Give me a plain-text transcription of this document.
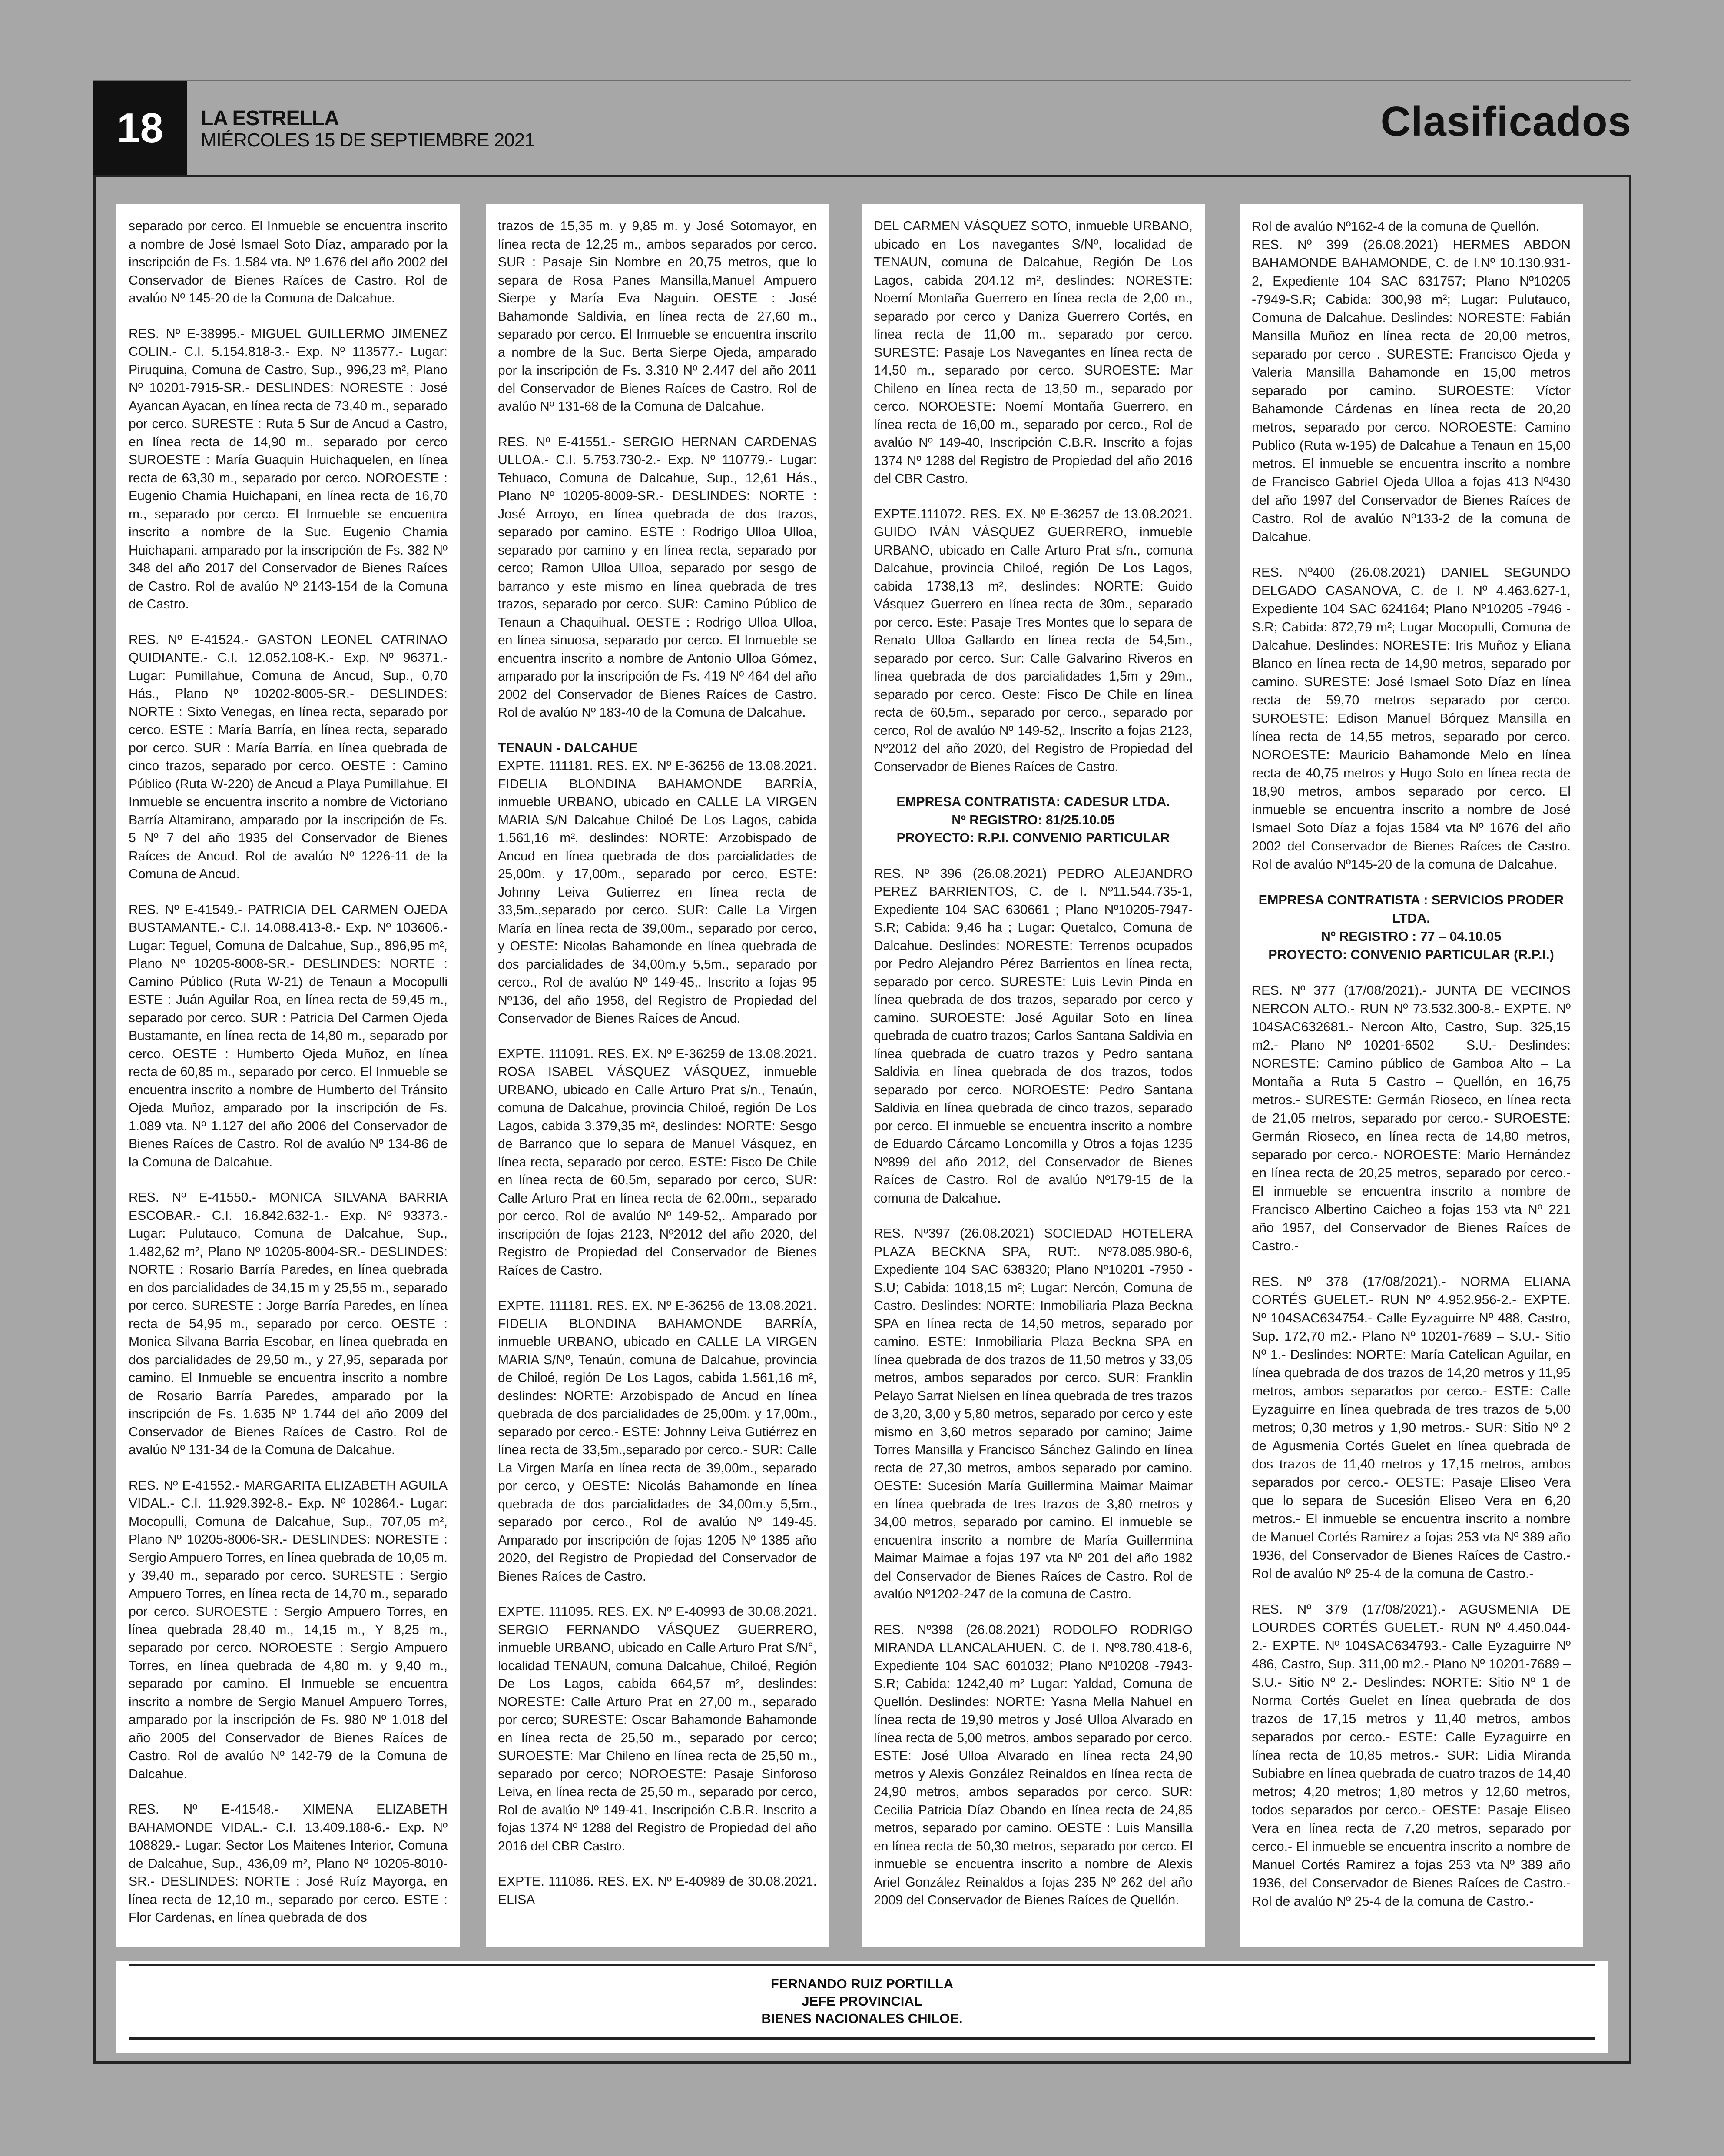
18	LA ESTRELLA
MIÉRCOLES 15 DE SEPTIEMBRE 2021	Clasificados

separado por cerco. El Inmueble se encuentra inscrito a nombre de José Ismael Soto Díaz, amparado por la inscripción de Fs. 1.584 vta. Nº 1.676 del año 2002 del Conservador de Bienes Raíces de Castro. Rol de avalúo Nº 145-20 de la Comuna de Dalcahue.

RES. Nº E-38995.- MIGUEL GUILLERMO JIMENEZ COLIN.- C.I. 5.154.818-3.- Exp. Nº 113577.- Lugar: Piruquina, Comuna de Castro, Sup., 996,23 m², Plano Nº 10201-7915-SR.- DESLINDES: NORESTE : José Ayancan Ayacan, en línea recta de 73,40 m., separado por cerco. SURESTE : Ruta 5 Sur de Ancud a Castro, en línea recta de 14,90 m., separado por cerco SUROESTE : María Guaquin Huichaquelen, en línea recta de 63,30 m., separado por cerco. NOROESTE : Eugenio Chamia Huichapani, en línea recta de 16,70 m., separado por cerco. El Inmueble se encuentra inscrito a nombre de la Suc. Eugenio Chamia Huichapani, amparado por la inscripción de Fs. 382 Nº 348 del año 2017 del Conservador de Bienes Raíces de Castro. Rol de avalúo Nº 2143-154 de la Comuna de Castro.

RES. Nº E-41524.- GASTON LEONEL CATRINAO QUIDIANTE.- C.I. 12.052.108-K.- Exp. Nº 96371.- Lugar: Pumillahue, Comuna de Ancud, Sup., 0,70 Hás., Plano Nº 10202-8005-SR.- DESLINDES: NORTE : Sixto Venegas, en línea recta, separado por cerco. ESTE : María Barría, en línea recta, separado por cerco. SUR : María Barría, en línea quebrada de cinco trazos, separado por cerco. OESTE : Camino Público (Ruta W-220) de Ancud a Playa Pumillahue. El Inmueble se encuentra inscrito a nombre de Victoriano Barría Altamirano, amparado por la inscripción de Fs. 5 Nº 7 del año 1935 del Conservador de Bienes Raíces de Ancud. Rol de avalúo Nº 1226-11 de la Comuna de Ancud.

RES. Nº E-41549.- PATRICIA DEL CARMEN OJEDA BUSTAMANTE.- C.I. 14.088.413-8.- Exp. Nº 103606.- Lugar: Teguel, Comuna de Dalcahue, Sup., 896,95 m², Plano Nº 10205-8008-SR.- DESLINDES: NORTE : Camino Público (Ruta W-21) de Tenaun a Mocopulli ESTE : Juán Aguilar Roa, en línea recta de 59,45 m., separado por cerco. SUR : Patricia Del Carmen Ojeda Bustamante, en línea recta de 14,80 m., separado por cerco. OESTE : Humberto Ojeda Muñoz, en línea recta de 60,85 m., separado por cerco. El Inmueble se encuentra inscrito a nombre de Humberto del Tránsito Ojeda Muñoz, amparado por la inscripción de Fs. 1.089 vta. Nº 1.127 del año 2006 del Conservador de Bienes Raíces de Castro. Rol de avalúo Nº 134-86 de la Comuna de Dalcahue.

RES. Nº E-41550.- MONICA SILVANA BARRIA ESCOBAR.- C.I. 16.842.632-1.- Exp. Nº 93373.- Lugar: Pulutauco, Comuna de Dalcahue, Sup., 1.482,62 m², Plano Nº 10205-8004-SR.- DESLINDES: NORTE : Rosario Barría Paredes, en línea quebrada en dos parcialidades de 34,15 m y 25,55 m., separado por cerco. SURESTE : Jorge Barría Paredes, en línea recta de 54,95 m., separado por cerco. OESTE : Monica Silvana Barria Escobar, en línea quebrada en dos parcialidades de 29,50 m., y 27,95, separada por camino. El Inmueble se encuentra inscrito a nombre de Rosario Barría Paredes, amparado por la inscripción de Fs. 1.635 Nº 1.744 del año 2009 del Conservador de Bienes Raíces de Castro. Rol de avalúo Nº 131-34 de la Comuna de Dalcahue.

RES. Nº E-41552.- MARGARITA ELIZABETH AGUILA VIDAL.- C.I. 11.929.392-8.- Exp. Nº 102864.- Lugar: Mocopulli, Comuna de Dalcahue, Sup., 707,05 m², Plano Nº 10205-8006-SR.- DESLINDES: NORESTE : Sergio Ampuero Torres, en línea quebrada de 10,05 m. y 39,40 m., separado por cerco. SURESTE : Sergio Ampuero Torres, en línea recta de 14,70 m., separado por cerco. SUROESTE : Sergio Ampuero Torres, en línea quebrada 28,40 m., 14,15 m., Y 8,25 m., separado por cerco. NOROESTE : Sergio Ampuero Torres, en línea quebrada de 4,80 m. y 9,40 m., separado por camino. El Inmueble se encuentra inscrito a nombre de Sergio Manuel Ampuero Torres, amparado por la inscripción de Fs. 980 Nº 1.018 del año 2005 del Conservador de Bienes Raíces de Castro. Rol de avalúo Nº 142-79 de la Comuna de Dalcahue.

RES. Nº E-41548.- XIMENA ELIZABETH BAHAMONDE VIDAL.- C.I. 13.409.188-6.- Exp. Nº 108829.- Lugar: Sector Los Maitenes Interior, Comuna de Dalcahue, Sup., 436,09 m², Plano Nº 10205-8010-SR.- DESLINDES: NORTE : José Ruíz Mayorga, en línea recta de 12,10 m., separado por cerco. ESTE : Flor Cardenas, en línea quebrada de dos

trazos de 15,35 m. y 9,85 m. y José Sotomayor, en línea recta de 12,25 m., ambos separados por cerco. SUR : Pasaje Sin Nombre en 20,75 metros, que lo separa de Rosa Panes Mansilla,Manuel Ampuero Sierpe y María Eva Naguin. OESTE : José Bahamonde Saldivia, en línea recta de 27,60 m., separado por cerco. El Inmueble se encuentra inscrito a nombre de la Suc. Berta Sierpe Ojeda, amparado por la inscripción de Fs. 3.310 Nº 2.447 del año 2011 del Conservador de Bienes Raíces de Castro. Rol de avalúo Nº 131-68 de la Comuna de Dalcahue.

RES. Nº E-41551.- SERGIO HERNAN CARDENAS ULLOA.- C.I. 5.753.730-2.- Exp. Nº 110779.- Lugar: Tehuaco, Comuna de Dalcahue, Sup., 12,61 Hás., Plano Nº 10205-8009-SR.- DESLINDES: NORTE : José Arroyo, en línea quebrada de dos trazos, separado por camino. ESTE : Rodrigo Ulloa Ulloa, separado por camino y en línea recta, separado por cerco; Ramon Ulloa Ulloa, separado por sesgo de barranco y este mismo en línea quebrada de tres trazos, separado por cerco. SUR: Camino Público de Tenaun a Chaquihual. OESTE : Rodrigo Ulloa Ulloa, en línea sinuosa, separado por cerco. El Inmueble se encuentra inscrito a nombre de Antonio Ulloa Gómez, amparado por la inscripción de Fs. 419 Nº 464 del año 2002 del Conservador de Bienes Raíces de Castro. Rol de avalúo Nº 183-40 de la Comuna de Dalcahue.

TENAUN - DALCAHUE

EXPTE. 111181. RES. EX. Nº E-36256 de 13.08.2021. FIDELIA BLONDINA BAHAMONDE BARRÍA, inmueble URBANO, ubicado en CALLE LA VIRGEN MARIA S/N Dalcahue Chiloé De Los Lagos, cabida 1.561,16 m², deslindes: NORTE: Arzobispado de Ancud en línea quebrada de dos parcialidades de 25,00m. y 17,00m., separado por cerco, ESTE: Johnny Leiva Gutierrez en línea recta de 33,5m.,separado por cerco. SUR: Calle La Virgen María en línea recta de 39,00m., separado por cerco, y OESTE: Nicolas Bahamonde en línea quebrada de dos parcialidades de 34,00m.y 5,5m., separado por cerco., Rol de avalúo Nº 149-45,. Inscrito a fojas 95 Nº136, del año 1958, del Registro de Propiedad del Conservador de Bienes Raíces de Ancud.

EXPTE. 111091. RES. EX. Nº E-36259 de 13.08.2021. ROSA ISABEL VÁSQUEZ VÁSQUEZ, inmueble URBANO, ubicado en Calle Arturo Prat s/n., Tenaún, comuna de Dalcahue, provincia Chiloé, región De Los Lagos, cabida 3.379,35 m², deslindes: NORTE: Sesgo de Barranco que lo separa de Manuel Vásquez, en línea recta, separado por cerco, ESTE: Fisco De Chile en línea recta de 60,5m, separado por cerco, SUR: Calle Arturo Prat en línea recta de 62,00m., separado por cerco, Rol de avalúo Nº 149-52,. Amparado por inscripción de fojas 2123, Nº2012 del año 2020, del Registro de Propiedad del Conservador de Bienes Raíces de Castro.

EXPTE. 111181. RES. EX. Nº E-36256 de 13.08.2021. FIDELIA BLONDINA BAHAMONDE BARRÍA, inmueble URBANO, ubicado en CALLE LA VIRGEN MARIA S/Nº, Tenaún, comuna de Dalcahue, provincia de Chiloé, región De Los Lagos, cabida 1.561,16 m², deslindes: NORTE: Arzobispado de Ancud en línea quebrada de dos parcialidades de 25,00m. y 17,00m., separado por cerco.- ESTE: Johnny Leiva Gutiérrez en línea recta de 33,5m.,separado por cerco.- SUR: Calle La Virgen María en línea recta de 39,00m., separado por cerco, y OESTE: Nicolás Bahamonde en línea quebrada de dos parcialidades de 34,00m.y 5,5m., separado por cerco., Rol de avalúo Nº 149-45. Amparado por inscripción de fojas 1205 Nº 1385 año 2020, del Registro de Propiedad del Conservador de Bienes Raíces de Castro.

EXPTE. 111095. RES. EX. Nº E-40993 de 30.08.2021. SERGIO FERNANDO VÁSQUEZ GUERRERO, inmueble URBANO, ubicado en Calle Arturo Prat S/N°, localidad TENAUN, comuna Dalcahue, Chiloé, Región De Los Lagos, cabida 664,57 m², deslindes: NORESTE: Calle Arturo Prat en 27,00 m., separado por cerco; SURESTE: Oscar Bahamonde Bahamonde en línea recta de 25,50 m., separado por cerco; SUROESTE: Mar Chileno en línea recta de 25,50 m., separado por cerco; NOROESTE: Pasaje Sinforoso Leiva, en línea recta de 25,50 m., separado por cerco, Rol de avalúo Nº 149-41, Inscripción C.B.R. Inscrito a fojas 1374 Nº 1288 del Registro de Propiedad del año 2016 del CBR Castro.

EXPTE. 111086. RES. EX. Nº E-40989 de 30.08.2021. ELISA

DEL CARMEN VÁSQUEZ SOTO, inmueble URBANO, ubicado en Los navegantes S/Nº, localidad de TENAUN, comuna de Dalcahue, Región De Los Lagos, cabida 204,12 m², deslindes: NORESTE: Noemí Montaña Guerrero en línea recta de 2,00 m., separado por cerco y Daniza Guerrero Cortés, en línea recta de 11,00 m., separado por cerco. SURESTE: Pasaje Los Navegantes en línea recta de 14,50 m., separado por cerco. SUROESTE: Mar Chileno en línea recta de 13,50 m., separado por cerco. NOROESTE: Noemí Montaña Guerrero, en línea recta de 16,00 m., separado por cerco., Rol de avalúo Nº 149-40, Inscripción C.B.R. Inscrito a fojas 1374 Nº 1288 del Registro de Propiedad del año 2016 del CBR Castro.

EXPTE.111072. RES. EX. Nº E-36257 de 13.08.2021. GUIDO IVÁN VÁSQUEZ GUERRERO, inmueble URBANO, ubicado en Calle Arturo Prat s/n., comuna Dalcahue, provincia Chiloé, región De Los Lagos, cabida 1738,13 m², deslindes: NORTE: Guido Vásquez Guerrero en línea recta de 30m., separado por cerco. Este: Pasaje Tres Montes que lo separa de Renato Ulloa Gallardo en línea recta de 54,5m., separado por cerco. Sur: Calle Galvarino Riveros en línea quebrada de dos parcialidades 1,5m y 29m., separado por cerco. Oeste: Fisco De Chile en línea recta de 60,5m., separado por cerco., separado por cerco, Rol de avalúo Nº 149-52,. Inscrito a fojas 2123, Nº2012 del año 2020, del Registro de Propiedad del Conservador de Bienes Raíces de Castro.

EMPRESA CONTRATISTA: CADESUR LTDA.
Nº REGISTRO: 81/25.10.05
PROYECTO: R.P.I. CONVENIO PARTICULAR

RES. Nº 396 (26.08.2021) PEDRO ALEJANDRO PEREZ BARRIENTOS, C. de I. Nº11.544.735-1, Expediente 104 SAC 630661 ; Plano Nº10205-7947-S.R; Cabida: 9,46 ha ; Lugar: Quetalco, Comuna de Dalcahue. Deslindes: NORESTE: Terrenos ocupados por Pedro Alejandro Pérez Barrientos en línea recta, separado por cerco. SURESTE: Luis Levin Pinda en línea quebrada de dos trazos, separado por cerco y camino. SUROESTE: José Aguilar Soto en línea quebrada de cuatro trazos; Carlos Santana Saldivia en línea quebrada de cuatro trazos y Pedro santana Saldivia en línea quebrada de dos trazos, todos separado por cerco. NOROESTE: Pedro Santana Saldivia en línea quebrada de cinco trazos, separado por cerco. El inmueble se encuentra inscrito a nombre de Eduardo Cárcamo Loncomilla y Otros a fojas 1235 Nº899 del año 2012, del Conservador de Bienes Raíces de Castro. Rol de avalúo Nº179-15 de la comuna de Dalcahue.

RES. Nº397 (26.08.2021) SOCIEDAD HOTELERA PLAZA BECKNA SPA, RUT:. Nº78.085.980-6, Expediente 104 SAC 638320; Plano Nº10201 -7950 -S.U; Cabida: 1018,15 m²; Lugar: Nercón, Comuna de Castro. Deslindes: NORTE: Inmobiliaria Plaza Beckna SPA en línea recta de 14,50 metros, separado por camino. ESTE: Inmobiliaria Plaza Beckna SPA en línea quebrada de dos trazos de 11,50 metros y 33,05 metros, ambos separados por cerco. SUR: Franklin Pelayo Sarrat Nielsen en línea quebrada de tres trazos de 3,20, 3,00 y 5,80 metros, separado por cerco y este mismo en 3,60 metros separado por camino; Jaime Torres Mansilla y Francisco Sánchez Galindo en línea recta de 27,30 metros, ambos separado por camino. OESTE: Sucesión María Guillermina Maimar Maimar en línea quebrada de tres trazos de 3,80 metros y 34,00 metros, separado por camino. El inmueble se encuentra inscrito a nombre de María Guillermina Maimar Maimae a fojas 197 vta Nº 201 del año 1982 del Conservador de Bienes Raíces de Castro. Rol de avalúo Nº1202-247 de la comuna de Castro.

RES. Nº398 (26.08.2021) RODOLFO RODRIGO MIRANDA LLANCALAHUEN. C. de I. Nº8.780.418-6, Expediente 104 SAC 601032; Plano Nº10208 -7943-S.R; Cabida: 1242,40 m² Lugar: Yaldad, Comuna de Quellón. Deslindes: NORTE: Yasna Mella Nahuel en línea recta de 19,90 metros y José Ulloa Alvarado en línea recta de 5,00 metros, ambos separado por cerco. ESTE: José Ulloa Alvarado en línea recta 24,90 metros y Alexis González Reinaldos en línea recta de 24,90 metros, ambos separados por cerco. SUR: Cecilia Patricia Díaz Obando en línea recta de 24,85 metros, separado por camino. OESTE : Luis Mansilla en línea recta de 50,30 metros, separado por cerco. El inmueble se encuentra inscrito a nombre de Alexis Ariel González Reinaldos a fojas 235 Nº 262 del año 2009 del Conservador de Bienes Raíces de Quellón.

Rol de avalúo Nº162-4 de la comuna de Quellón.
RES. Nº 399 (26.08.2021) HERMES ABDON BAHAMONDE BAHAMONDE, C. de I.Nº 10.130.931-2, Expediente 104 SAC 631757; Plano Nº10205 -7949-S.R; Cabida: 300,98 m²; Lugar: Pulutauco, Comuna de Dalcahue. Deslindes: NORESTE: Fabián Mansilla Muñoz en línea recta de 20,00 metros, separado por cerco . SURESTE: Francisco Ojeda y Valeria Mansilla Bahamonde en 15,00 metros separado por camino. SUROESTE: Víctor Bahamonde Cárdenas en línea recta de 20,20 metros, separado por cerco. NOROESTE: Camino Publico (Ruta w-195) de Dalcahue a Tenaun en 15,00 metros. El inmueble se encuentra inscrito a nombre de Francisco Gabriel Ojeda Ulloa a fojas 413 Nº430 del año 1997 del Conservador de Bienes Raíces de Castro. Rol de avalúo Nº133-2 de la comuna de Dalcahue.

RES. Nº400 (26.08.2021) DANIEL SEGUNDO DELGADO CASANOVA, C. de I. Nº 4.463.627-1, Expediente 104 SAC 624164; Plano Nº10205 -7946 -S.R; Cabida: 872,79 m²; Lugar Mocopulli, Comuna de Dalcahue. Deslindes: NORESTE: Iris Muñoz y Eliana Blanco en línea recta de 14,90 metros, separado por camino. SURESTE: José Ismael Soto Díaz en línea recta de 59,70 metros separado por cerco. SUROESTE: Edison Manuel Bórquez Mansilla en línea recta de 14,55 metros, separado por cerco. NOROESTE: Mauricio Bahamonde Melo en línea recta de 40,75 metros y Hugo Soto en línea recta de 18,90 metros, ambos separado por cerco. El inmueble se encuentra inscrito a nombre de José Ismael Soto Díaz a fojas 1584 vta Nº 1676 del año 2002 del Conservador de Bienes Raíces de Castro. Rol de avalúo Nº145-20 de la comuna de Dalcahue.

EMPRESA CONTRATISTA : SERVICIOS PRODER LTDA.
Nº REGISTRO : 77 – 04.10.05
PROYECTO: CONVENIO PARTICULAR (R.P.I.)

RES. Nº 377 (17/08/2021).- JUNTA DE VECINOS NERCON ALTO.- RUN Nº 73.532.300-8.- EXPTE. Nº 104SAC632681.- Nercon Alto, Castro, Sup. 325,15 m2.- Plano Nº 10201-6502 – S.U.- Deslindes: NORESTE: Camino público de Gamboa Alto – La Montaña a Ruta 5 Castro – Quellón, en 16,75 metros.- SURESTE: Germán Rioseco, en línea recta de 21,05 metros, separado por cerco.- SUROESTE: Germán Rioseco, en línea recta de 14,80 metros, separado por cerco.- NOROESTE: Mario Hernández en línea recta de 20,25 metros, separado por cerco.- El inmueble se encuentra inscrito a nombre de Francisco Albertino Caicheo a fojas 153 vta Nº 221 año 1957, del Conservador de Bienes Raíces de Castro.-

RES. Nº 378 (17/08/2021).- NORMA ELIANA CORTÉS GUELET.- RUN Nº 4.952.956-2.- EXPTE. Nº 104SAC634754.- Calle Eyzaguirre Nº 488, Castro, Sup. 172,70 m2.- Plano Nº 10201-7689 – S.U.- Sitio Nº 1.- Deslindes: NORTE: María Catelican Aguilar, en línea quebrada de dos trazos de 14,20 metros y 11,95 metros, ambos separados por cerco.- ESTE: Calle Eyzaguirre en línea quebrada de tres trazos de 5,00 metros; 0,30 metros y 1,90 metros.- SUR: Sitio Nº 2 de Agusmenia Cortés Guelet en línea quebrada de dos trazos de 11,40 metros y 17,15 metros, ambos separados por cerco.- OESTE: Pasaje Eliseo Vera que lo separa de Sucesión Eliseo Vera en 6,20 metros.- El inmueble se encuentra inscrito a nombre de Manuel Cortés Ramirez a fojas 253 vta Nº 389 año 1936, del Conservador de Bienes Raíces de Castro.- Rol de avalúo Nº 25-4 de la comuna de Castro.-

RES. Nº 379 (17/08/2021).- AGUSMENIA DE LOURDES CORTÉS GUELET.- RUN Nº 4.450.044-2.- EXPTE. Nº 104SAC634793.- Calle Eyzaguirre Nº 486, Castro, Sup. 311,00 m2.- Plano Nº 10201-7689 – S.U.- Sitio Nº 2.- Deslindes: NORTE: Sitio Nº 1 de Norma Cortés Guelet en línea quebrada de dos trazos de 17,15 metros y 11,40 metros, ambos separados por cerco.- ESTE: Calle Eyzaguirre en línea recta de 10,85 metros.- SUR: Lidia Miranda Subiabre en línea quebrada de cuatro trazos de 14,40 metros; 4,20 metros; 1,80 metros y 12,60 metros, todos separados por cerco.- OESTE: Pasaje Eliseo Vera en línea recta de 7,20 metros, separado por cerco.- El inmueble se encuentra inscrito a nombre de Manuel Cortés Ramirez a fojas 253 vta Nº 389 año 1936, del Conservador de Bienes Raíces de Castro.- Rol de avalúo Nº 25-4 de la comuna de Castro.-

FERNANDO RUIZ PORTILLA
JEFE PROVINCIAL
BIENES NACIONALES CHILOE.
